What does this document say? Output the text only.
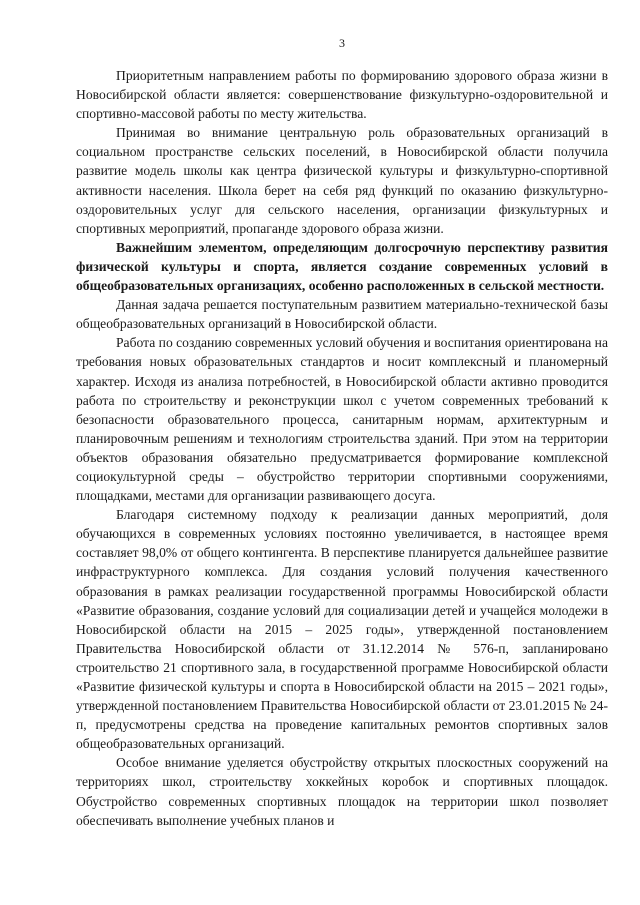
3

Приоритетным направлением работы по формированию здорового образа жизни в Новосибирской области является: совершенствование физкультурно-оздоровительной и спортивно-массовой работы по месту жительства.

Принимая во внимание центральную роль образовательных организаций в социальном пространстве сельских поселений, в Новосибирской области получила развитие модель школы как центра физической культуры и физкультурно-спортивной активности населения. Школа берет на себя ряд функций по оказанию физкультурно-оздоровительных услуг для сельского населения, организации физкультурных и спортивных мероприятий, пропаганде здорового образа жизни.

Важнейшим элементом, определяющим долгосрочную перспективу развития физической культуры и спорта, является создание современных условий в общеобразовательных организациях, особенно расположенных в сельской местности.

Данная задача решается поступательным развитием материально-технической базы общеобразовательных организаций в Новосибирской области.

Работа по созданию современных условий обучения и воспитания ориентирована на требования новых образовательных стандартов и носит комплексный и планомерный характер. Исходя из анализа потребностей, в Новосибирской области активно проводится работа по строительству и реконструкции школ с учетом современных требований к безопасности образовательного процесса, санитарным нормам, архитектурным и планировочным решениям и технологиям строительства зданий. При этом на территории объектов образования обязательно предусматривается формирование комплексной социокультурной среды – обустройство территории спортивными сооружениями, площадками, местами для организации развивающего досуга.

Благодаря системному подходу к реализации данных мероприятий, доля обучающихся в современных условиях постоянно увеличивается, в настоящее время составляет 98,0% от общего контингента. В перспективе планируется дальнейшее развитие инфраструктурного комплекса. Для создания условий получения качественного образования в рамках реализации государственной программы Новосибирской области «Развитие образования, создание условий для социализации детей и учащейся молодежи в Новосибирской области на 2015 – 2025 годы», утвержденной постановлением Правительства Новосибирской области от 31.12.2014 № 576-п, запланировано строительство 21 спортивного зала, в государственной программе Новосибирской области «Развитие физической культуры и спорта в Новосибирской области на 2015 – 2021 годы», утвержденной постановлением Правительства Новосибирской области от 23.01.2015 № 24-п, предусмотрены средства на проведение капитальных ремонтов спортивных залов общеобразовательных организаций.

Особое внимание уделяется обустройству открытых плоскостных сооружений на территориях школ, строительству хоккейных коробок и спортивных площадок. Обустройство современных спортивных площадок на территории школ позволяет обеспечивать выполнение учебных планов и
